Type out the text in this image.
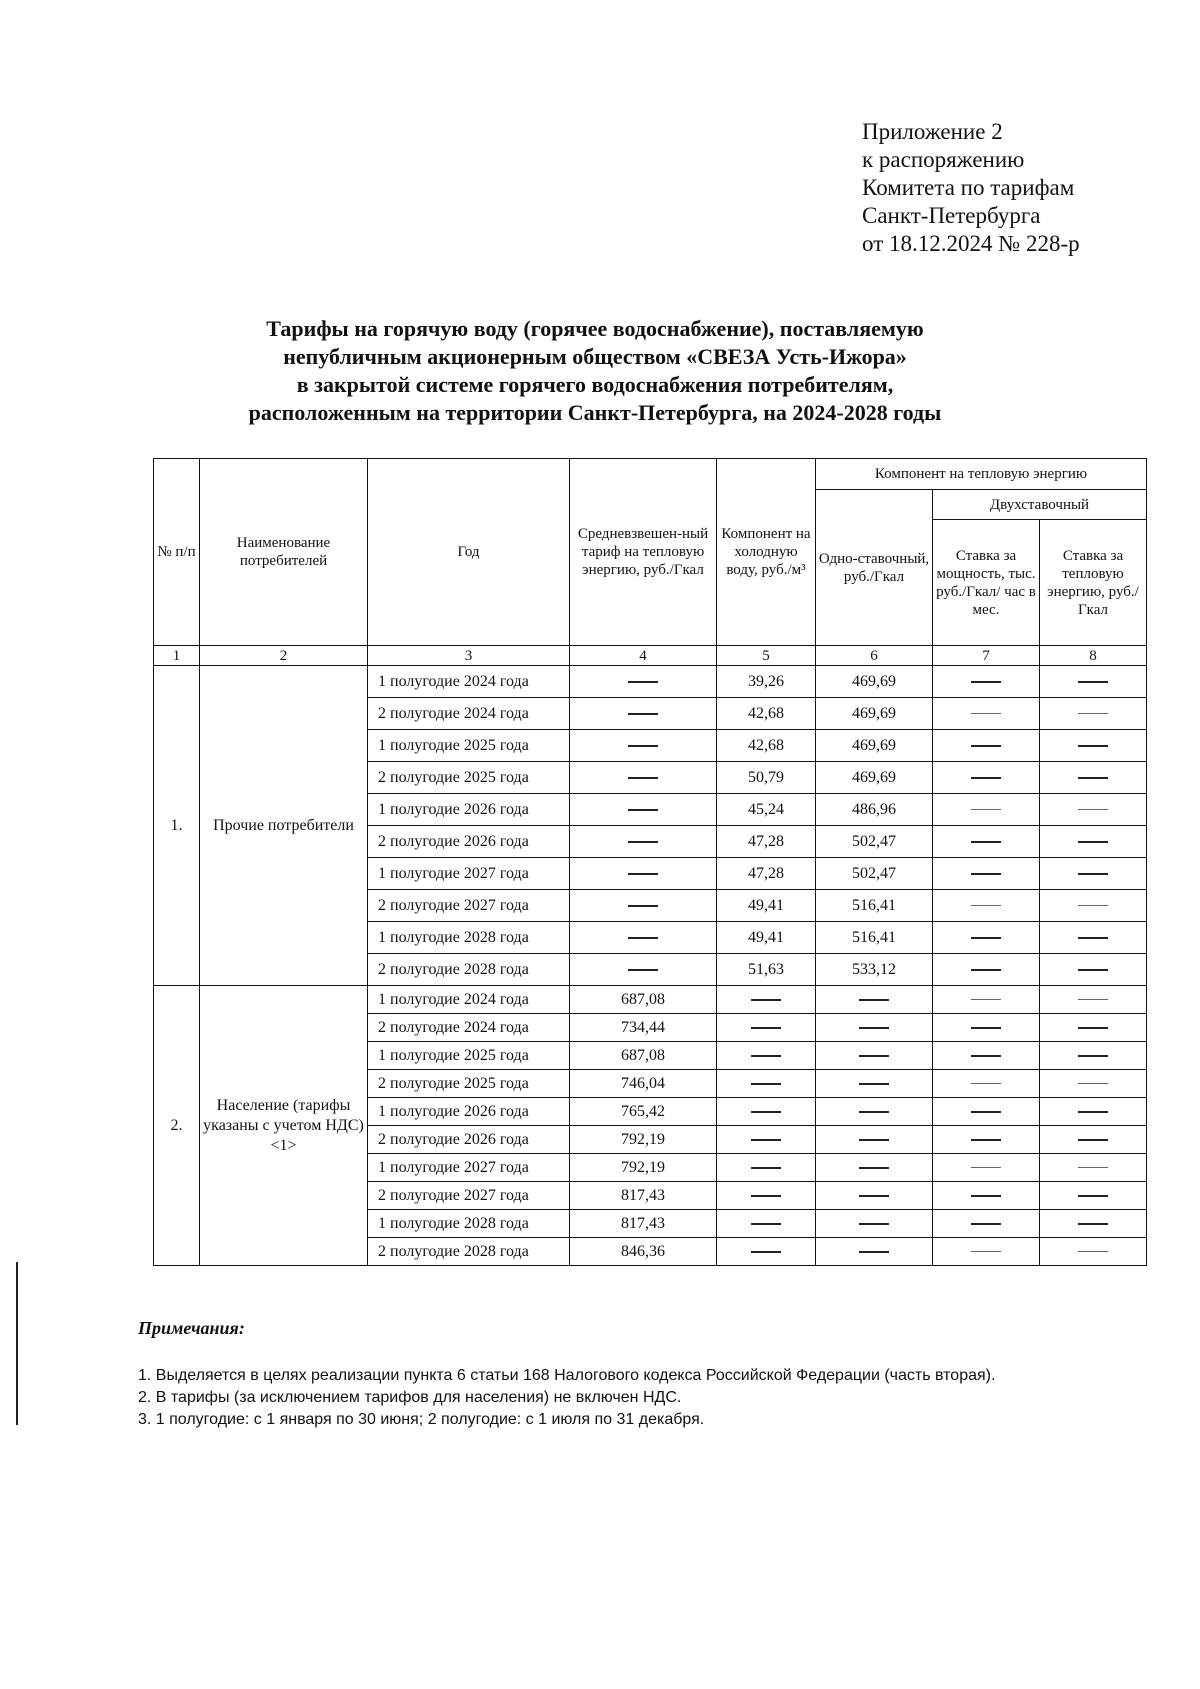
Приложение 2
к распоряжению
Комитета по тарифам
Санкт-Петербурга
от 18.12.2024 № 228-р
Тарифы на горячую воду (горячее водоснабжение), поставляемую
непубличным акционерным обществом «СВЕЗА Усть-Ижора»
в закрытой системе горячего водоснабжения потребителям,
расположенным на территории Санкт-Петербурга, на 2024-2028 годы
№ п/п	Наименование потребителей	Год	Средневзвешен-ный тариф на тепловую энергию, руб./Гкал	Компонент на холодную воду, руб./м³	Компонент на тепловую энергию		
					Одно-ставочный, руб./Гкал	Двухставочный	
						Ставка за мощность, тыс. руб./Гкал/ час в мес.	Ставка за тепловую энергию, руб./Гкал
1	2	3	4	5	6	7	8
1.	Прочие потребители	1 полугодие 2024 года		39,26	469,69		
		2 полугодие 2024 года		42,68	469,69		
		1 полугодие 2025 года		42,68	469,69		
		2 полугодие 2025 года		50,79	469,69		
		1 полугодие 2026 года		45,24	486,96		
		2 полугодие 2026 года		47,28	502,47		
		1 полугодие 2027 года		47,28	502,47		
		2 полугодие 2027 года		49,41	516,41		
		1 полугодие 2028 года		49,41	516,41		
		2 полугодие 2028 года		51,63	533,12		
2.	Население (тарифы указаны с учетом НДС) <1>	1 полугодие 2024 года	687,08				
		2 полугодие 2024 года	734,44				
		1 полугодие 2025 года	687,08				
		2 полугодие 2025 года	746,04				
		1 полугодие 2026 года	765,42				
		2 полугодие 2026 года	792,19				
		1 полугодие 2027 года	792,19				
		2 полугодие 2027 года	817,43				
		1 полугодие 2028 года	817,43				
		2 полугодие 2028 года	846,36				
Примечания:
1. Выделяется в целях реализации пункта 6 статьи 168 Налогового кодекса Российской Федерации (часть вторая).
2. В тарифы (за исключением тарифов для населения) не включен НДС.
3. 1 полугодие: с 1 января по 30 июня; 2 полугодие: с 1 июля по 31 декабря.
